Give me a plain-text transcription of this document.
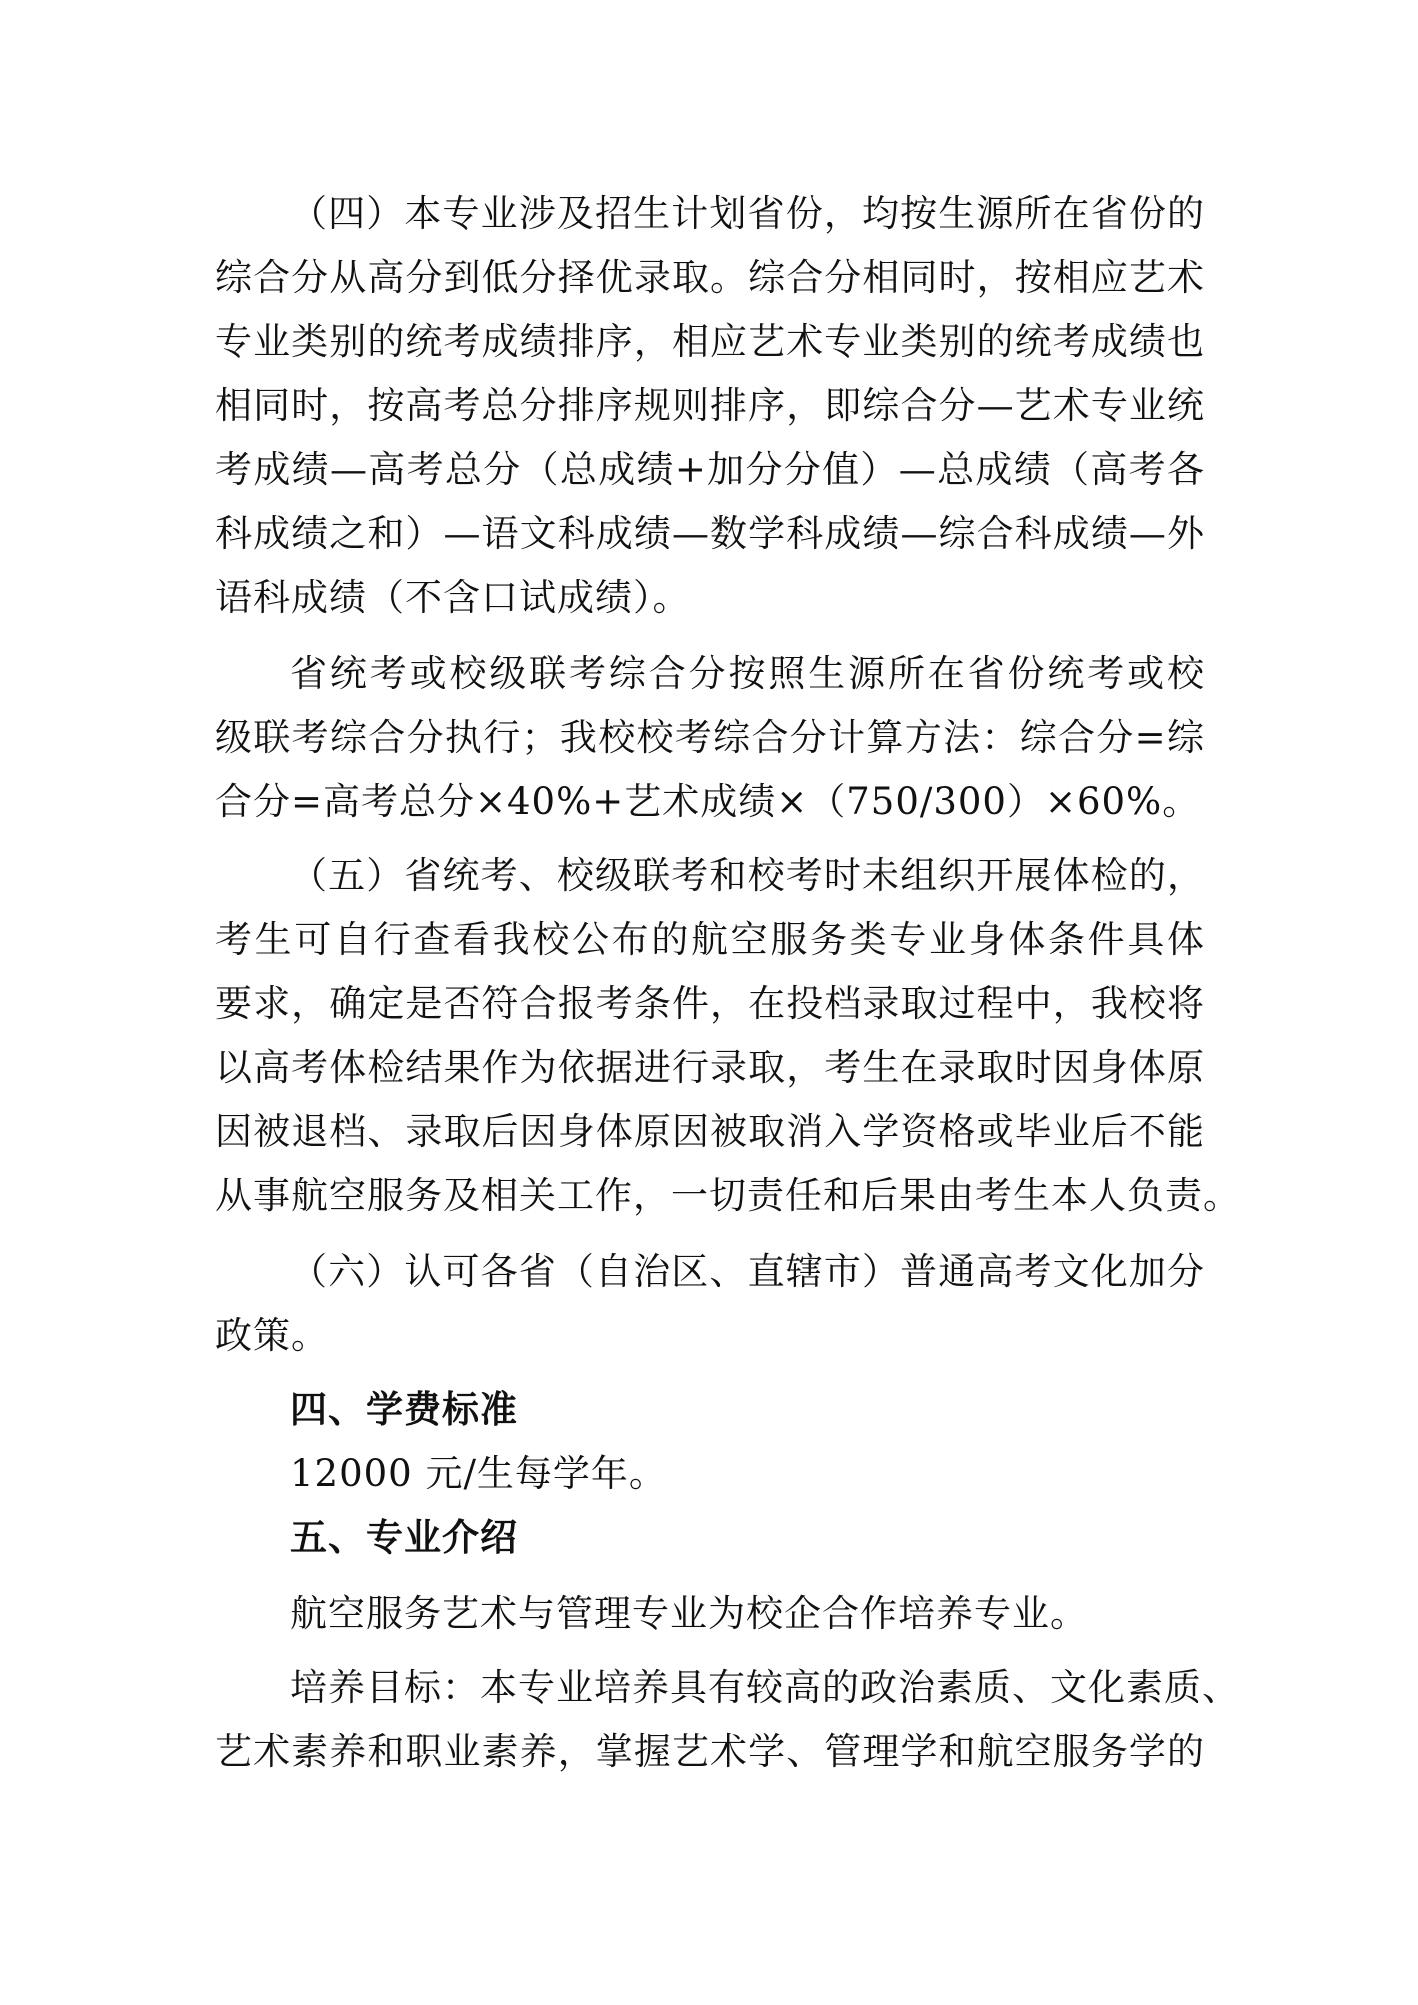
（四）本专业涉及招生计划省份，均按生源所在省份的
综合分从高分到低分择优录取。综合分相同时，按相应艺术
专业类别的统考成绩排序，相应艺术专业类别的统考成绩也
相同时，按高考总分排序规则排序，即综合分—艺术专业统
考成绩—高考总分（总成绩+加分分值）—总成绩（高考各
科成绩之和）—语文科成绩—数学科成绩—综合科成绩—外
语科成绩（不含口试成绩）。
省统考或校级联考综合分按照生源所在省份统考或校
级联考综合分执行；我校校考综合分计算方法：综合分=综
合分=高考总分×40%+艺术成绩×（750/300）×60%。
（五）省统考、校级联考和校考时未组织开展体检的，
考生可自行查看我校公布的航空服务类专业身体条件具体
要求，确定是否符合报考条件，在投档录取过程中，我校将
以高考体检结果作为依据进行录取，考生在录取时因身体原
因被退档、录取后因身体原因被取消入学资格或毕业后不能
从事航空服务及相关工作，一切责任和后果由考生本人负责。
（六）认可各省（自治区、直辖市）普通高考文化加分
政策。
四、学费标准
12000 元/生每学年。
五、专业介绍
航空服务艺术与管理专业为校企合作培养专业。
培养目标：本专业培养具有较高的政治素质、文化素质、
艺术素养和职业素养，掌握艺术学、管理学和航空服务学的
